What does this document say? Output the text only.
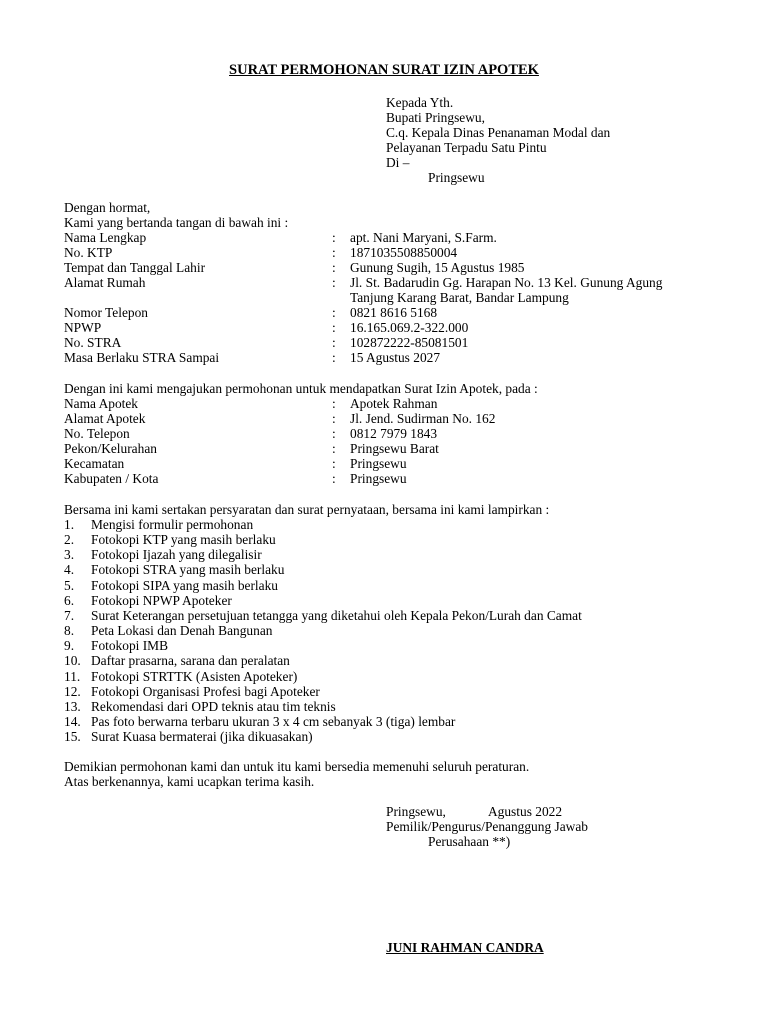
SURAT PERMOHONAN SURAT IZIN APOTEK
Kepada Yth.
Bupati Pringsewu,
C.q. Kepala Dinas Penanaman Modal dan
Pelayanan Terpadu Satu Pintu
Di –
Pringsewu
Dengan hormat,
Kami yang bertanda tangan di bawah ini :
Nama Lengkap	: apt. Nani Maryani, S.Farm.
No. KTP	: 1871035508850004
Tempat dan Tanggal Lahir	: Gunung Sugih, 15 Agustus 1985
Alamat Rumah	: Jl. St. Badarudin Gg. Harapan No. 13 Kel. Gunung Agung
Tanjung Karang Barat, Bandar Lampung
Nomor Telepon	: 0821 8616 5168
NPWP	: 16.165.069.2-322.000
No. STRA	: 102872222-85081501
Masa Berlaku STRA Sampai	: 15 Agustus 2027
Dengan ini kami mengajukan permohonan untuk mendapatkan Surat Izin Apotek, pada :
Nama Apotek	: Apotek Rahman
Alamat Apotek	: Jl. Jend. Sudirman No. 162
No. Telepon	: 0812 7979 1843
Pekon/Kelurahan	: Pringsewu Barat
Kecamatan	: Pringsewu
Kabupaten / Kota	: Pringsewu
Bersama ini kami sertakan persyaratan dan surat pernyataan, bersama ini kami lampirkan :
1. Mengisi formulir permohonan
2. Fotokopi KTP yang masih berlaku
3. Fotokopi Ijazah yang dilegalisir
4. Fotokopi STRA yang masih berlaku
5. Fotokopi SIPA yang masih berlaku
6. Fotokopi NPWP Apoteker
7. Surat Keterangan persetujuan tetangga yang diketahui oleh Kepala Pekon/Lurah dan Camat
8. Peta Lokasi dan Denah Bangunan
9. Fotokopi IMB
10. Daftar prasarna, sarana dan peralatan
11. Fotokopi STRTTK (Asisten Apoteker)
12. Fotokopi Organisasi Profesi bagi Apoteker
13. Rekomendasi dari OPD teknis atau tim teknis
14. Pas foto berwarna terbaru ukuran 3 x 4 cm sebanyak 3 (tiga) lembar
15. Surat Kuasa bermaterai (jika dikuasakan)
Demikian permohonan kami dan untuk itu kami bersedia memenuhi seluruh peraturan.
Atas berkenannya, kami ucapkan terima kasih.
Pringsewu,	Agustus 2022
Pemilik/Pengurus/Penanggung Jawab
Perusahaan **)
JUNI RAHMAN CANDRA
